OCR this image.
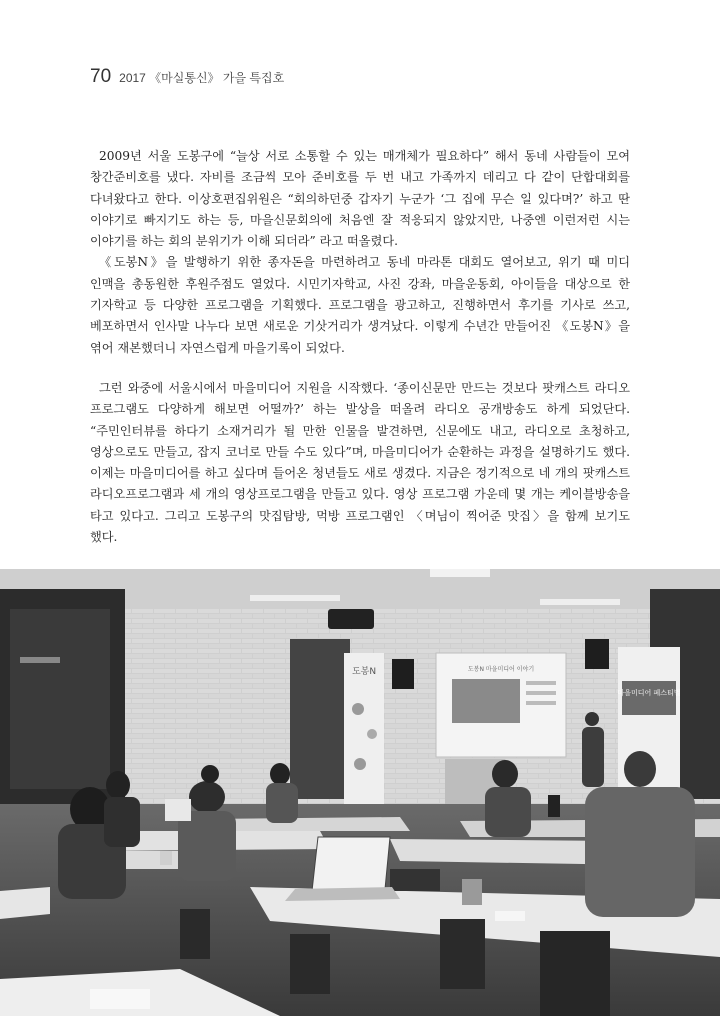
70 2017 《마실통신》 가을 특집호

2009년 서울 도봉구에 “늘상 서로 소통할 수 있는 매개체가 필요하다” 해서 동네 사람들이 모여 창간준비호를 냈다. 자비를 조금씩 모아 준비호를 두 번 내고 가족까지 데리고 다 같이 단합대회를 다녀왔다고 한다. 이상호편집위원은 “회의하던중 갑자기 누군가 ‘그 집에 무슨 일 있다며?’ 하고 딴 이야기로 빠지기도 하는 등, 마을신문회의에 처음엔 잘 적응되지 않았지만, 나중엔 이런저런 시는 이야기를 하는 회의 분위기가 이해 되더라” 라고 떠올렸다.

《도봉N》을 발행하기 위한 종자돈을 마련하려고 동네 마라톤 대회도 열어보고, 위기 때 미디 인맥을 총동원한 후원주점도 열었다. 시민기자학교, 사진 강좌, 마을운동회, 아이들을 대상으로 한 기자학교 등 다양한 프로그램을 기획했다. 프로그램을 광고하고, 진행하면서 후기를 기사로 쓰고, 베포하면서 인사말 나누다 보면 새로운 기삿거리가 생겨났다. 이렇게 수년간 만들어진 《도봉N》을 엮어 재본했더니 자연스럽게 마을기록이 되었다.

그런 와중에 서울시에서 마을미디어 지원을 시작했다. ‘종이신문만 만드는 것보다 팟캐스트 라디오 프로그램도 다양하게 해보면 어떨까?’ 하는 발상을 떠올려 라디오 공개방송도 하게 되었단다. “주민인터뷰를 하다기 소재거리가 될 만한 인물을 발견하면, 신문에도 내고, 라디오로 초청하고, 영상으로도 만들고, 잡지 코너로 만들 수도 있다”며, 마을미디어가 순환하는 과정을 설명하기도 했다. 이제는 마을미디어를 하고 싶다며 들어온 청년들도 새로 생겼다. 지금은 정기적으로 네 개의 팟캐스트 라디오프로그램과 세 개의 영상프로그램을 만들고 있다. 영상 프로그램 가운데 몇 개는 케이블방송을 타고 있다고. 그리고 도봉구의 맛집탐방, 먹방 프로그램인 〈며님이 찍어준 맛집〉을 함께 보기도 했다.

도봉N	도봉N 마을미디어 이야기
마을미디어 페스티벌
